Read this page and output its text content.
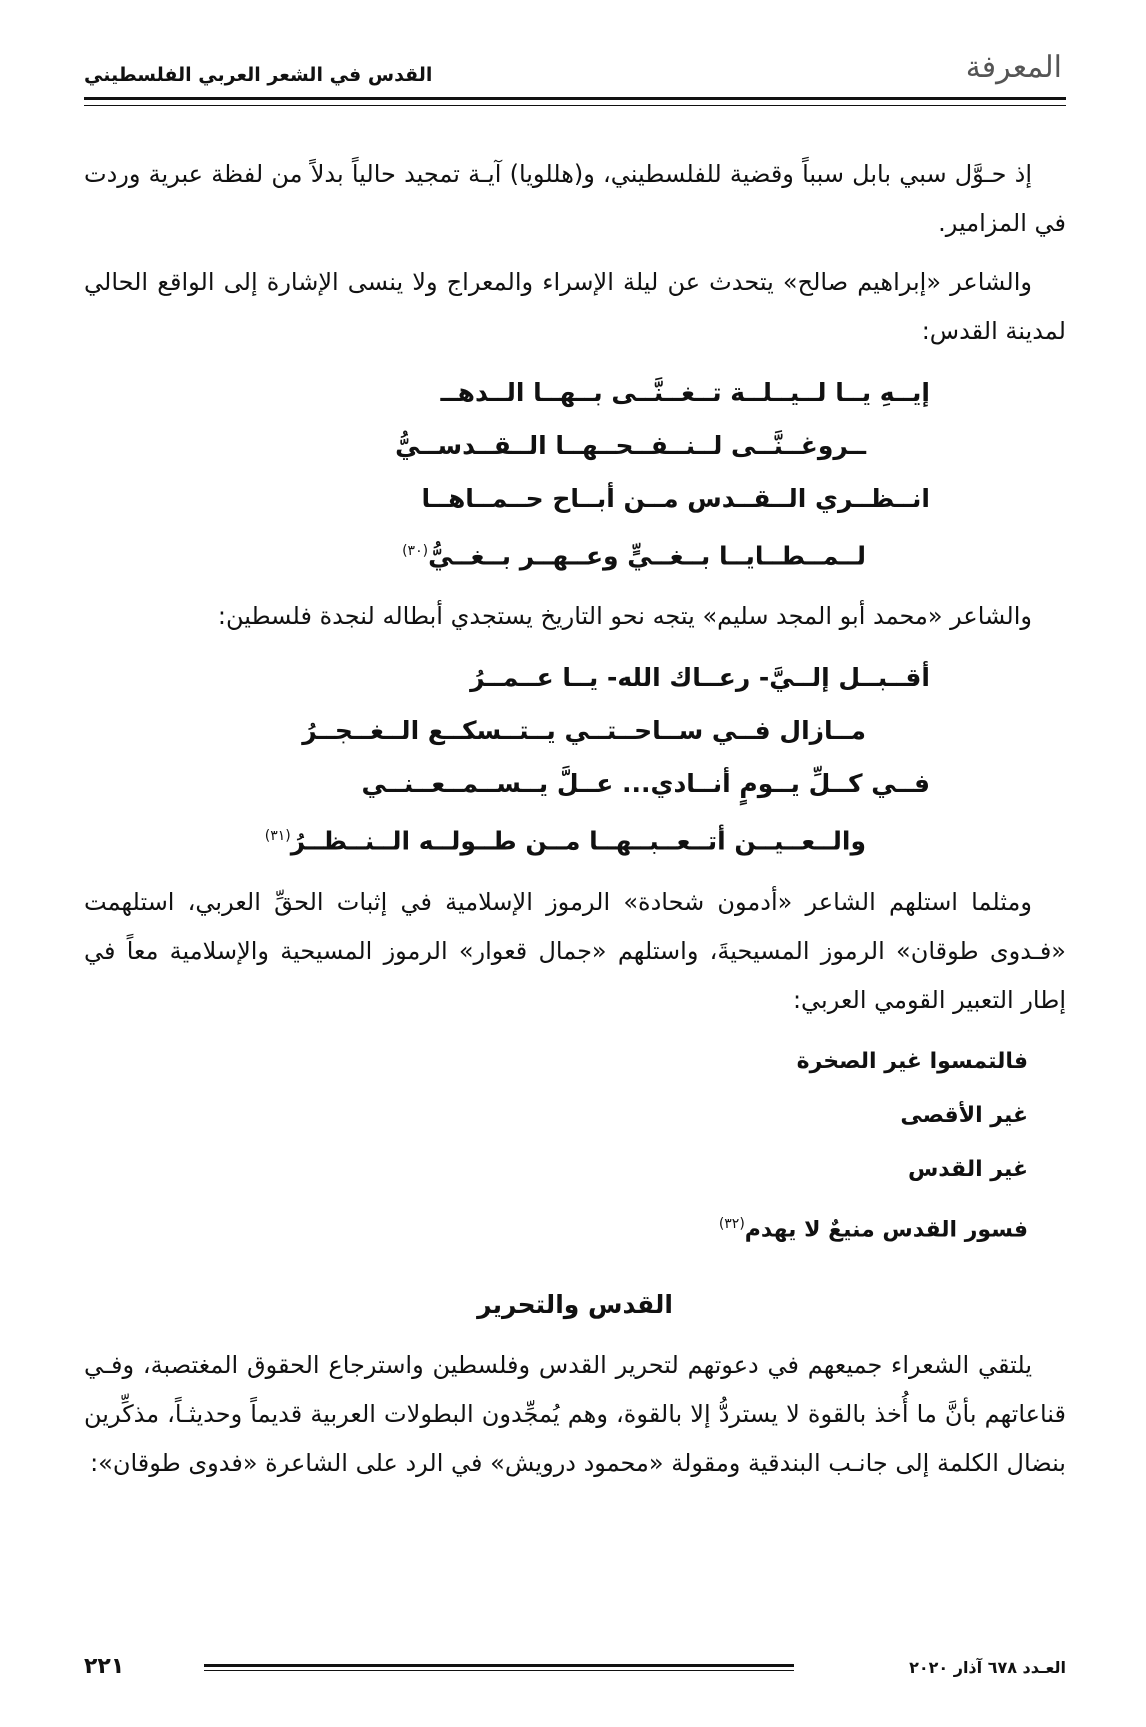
المعرفة
القدس في الشعر العربي الفلسطيني

إذ حـوَّل سبي بابل سبباً وقضية للفلسطيني، و(هللويا) آيـة تمجيد حالياً بدلاً من لفظة عبرية وردت في المزامير.

والشاعر «إبراهيم صالح» يتحدث عن ليلة الإسراء والمعراج ولا ينسى الإشارة إلى الواقع الحالي لمدينة القدس:

إيــهِ يــا لــيــلــة تــغــنَّــى بــهــا الــدهــ

ــروغــنَّــى لــنــفــحــهــا الــقــدســيُّ

انــظــري الــقــدس مــن أبــاح حــمــاهــا

لــمــطــايــا بــغــيٍّ وعــهــر بــغــيُّ$^{(٣٠)}$

والشاعر «محمد أبو المجد سليم» يتجه نحو التاريخ يستجدي أبطاله لنجدة فلسطين:

أقــبــل إلــيَّ- رعــاك الله- يــا عــمــرُ

مــازال فــي ســاحــتــي يــتــسكــع الــغــجــرُ

فــي كــلِّ يــومٍ أنــادي... عــلَّ يــســمــعــنــي

والــعــيــن أتــعــبــهــا مــن طــولــه الــنــظــرُ$^{(٣١)}$

ومثلما استلهم الشاعر «أدمون شحادة» الرموز الإسلامية في إثبات الحقِّ العربي، استلهمت «فـدوى طوقان» الرموز المسيحيةَ، واستلهم «جمال قعوار» الرموز المسيحية والإسلامية معاً في إطار التعبير القومي العربي:

فالتمسوا غير الصخرة

غير الأقصى

غير القدس

فسور القدس منيعٌ لا يهدم$^{(٣٢)}$

القدس والتحرير

يلتقي الشعراء جميعهم في دعوتهم لتحرير القدس وفلسطين واسترجاع الحقوق المغتصبة، وفـي قناعاتهم بأنَّ ما أُخذ بالقوة لا يستردُّ إلا بالقوة، وهم يُمجِّدون البطولات العربية قديماً وحديثـاً، مذكِّرين بنضال الكلمة إلى جانـب البندقية ومقولة «محمود درويش» في الرد على الشاعرة «فدوى طوقان»:

العـدد ٦٧٨ آذار ٢٠٢٠
٢٢١
